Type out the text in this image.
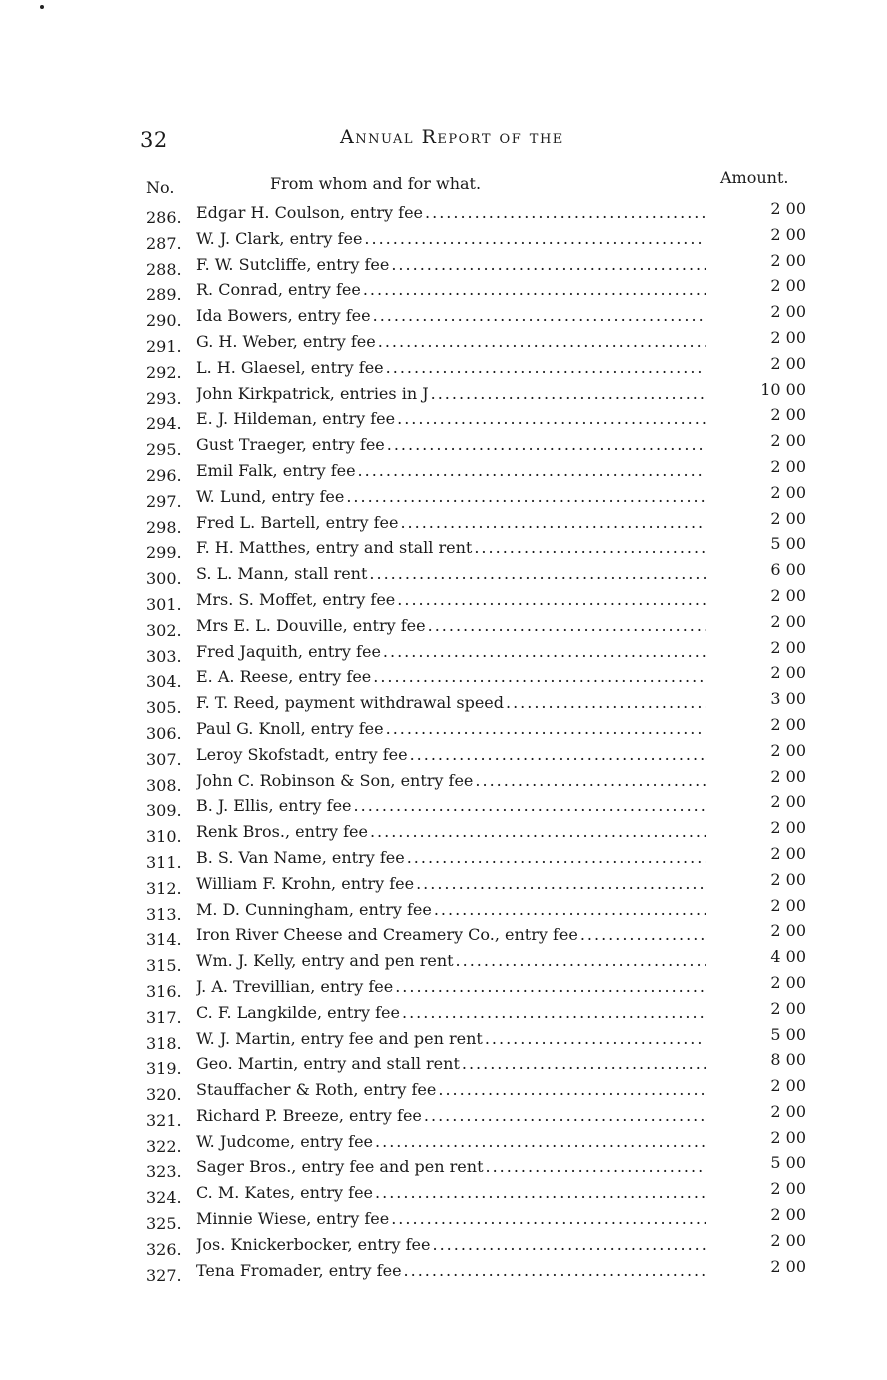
32	Annual Report of the
No.	From whom and for what.	Amount.
286. Edgar H. Coulson, entry fee .....	2 00
287. W. J. Clark, entry fee .....	2 00
288. F. W. Sutcliffe, entry fee .....	2 00
289. R. Conrad, entry fee .....	2 00
290. Ida Bowers, entry fee .....	2 00
291. G. H. Weber, entry fee .....	2 00
292. L. H. Glaesel, entry fee .....	2 00
293. John Kirkpatrick, entries in J .....	10 00
294. E. J. Hildeman, entry fee .....	2 00
295. Gust Traeger, entry fee .....	2 00
296. Emil Falk, entry fee .....	2 00
297. W. Lund, entry fee .....	2 00
298. Fred L. Bartell, entry fee .....	2 00
299. F. H. Matthes, entry and stall rent .....	5 00
300. S. L. Mann, stall rent .....	6 00
301. Mrs. S. Moffet, entry fee .....	2 00
302. Mrs E. L. Douville, entry fee .....	2 00
303. Fred Jaquith, entry fee .....	2 00
304. E. A. Reese, entry fee .....	2 00
305. F. T. Reed, payment withdrawal speed .....	3 00
306. Paul G. Knoll, entry fee .....	2 00
307. Leroy Skofstadt, entry fee .....	2 00
308. John C. Robinson & Son, entry fee .....	2 00
309. B. J. Ellis, entry fee .....	2 00
310. Renk Bros., entry fee .....	2 00
311. B. S. Van Name, entry fee .....	2 00
312. William F. Krohn, entry fee .....	2 00
313. M. D. Cunningham, entry fee .....	2 00
314. Iron River Cheese and Creamery Co., entry fee .....	2 00
315. Wm. J. Kelly, entry and pen rent .....	4 00
316. J. A. Trevillian, entry fee .....	2 00
317. C. F. Langkilde, entry fee .....	2 00
318. W. J. Martin, entry fee and pen rent .....	5 00
319. Geo. Martin, entry and stall rent .....	8 00
320. Stauffacher & Roth, entry fee .....	2 00
321. Richard P. Breeze, entry fee .....	2 00
322. W. Judcome, entry fee .....	2 00
323. Sager Bros., entry fee and pen rent .....	5 00
324. C. M. Kates, entry fee .....	2 00
325. Minnie Wiese, entry fee .....	2 00
326. Jos. Knickerbocker, entry fee .....	2 00
327. Tena Fromader, entry fee .....	2 00
